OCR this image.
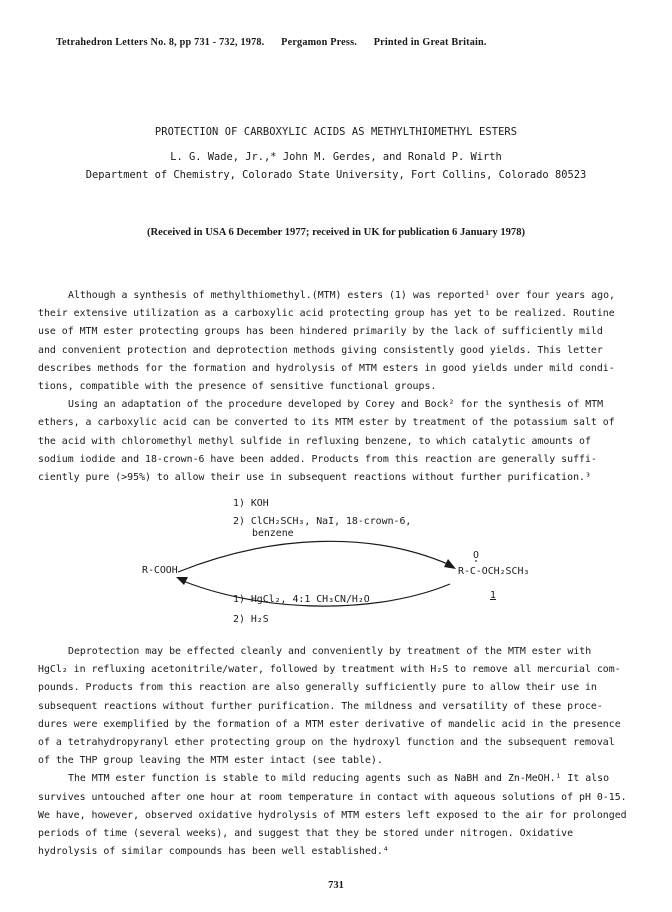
Tetrahedron Letters No. 8, pp 731 - 732, 1978. Pergamon Press. Printed in Great Britain.
PROTECTION OF CARBOXYLIC ACIDS AS METHYLTHIOMETHYL ESTERS
L. G. Wade, Jr.,* John M. Gerdes, and Ronald P. Wirth
Department of Chemistry, Colorado State University, Fort Collins, Colorado 80523
(Received in USA 6 December 1977; received in UK for publication 6 January 1978)
Although a synthesis of methylthiomethyl.(MTM) esters (1) was reported¹ over four years ago,
their extensive utilization as a carboxylic acid protecting group has yet to be realized. Routine
use of MTM ester protecting groups has been hindered primarily by the lack of sufficiently mild
and convenient protection and deprotection methods giving consistently good yields. This letter
describes methods for the formation and hydrolysis of MTM esters in good yields under mild condi-
tions, compatible with the presence of sensitive functional groups.
Using an adaptation of the procedure developed by Corey and Bock² for the synthesis of MTM
ethers, a carboxylic acid can be converted to its MTM ester by treatment of the potassium salt of
the acid with chloromethyl methyl sulfide in refluxing benzene, to which catalytic amounts of
sodium iodide and 18-crown-6 have been added. Products from this reaction are generally suffi-
ciently pure (>95%) to allow their use in subsequent reactions without further purification.³
1) KOH
2) ClCH₂SCH₃, NaI, 18-crown-6,
benzene
R-COOH
O
"
R-C-OCH₂SCH₃
1
1) HgCl₂, 4:1 CH₃CN/H₂O
2) H₂S
Deprotection may be effected cleanly and conveniently by treatment of the MTM ester with
HgCl₂ in refluxing acetonitrile/water, followed by treatment with H₂S to remove all mercurial com-
pounds. Products from this reaction are also generally sufficiently pure to allow their use in
subsequent reactions without further purification. The mildness and versatility of these proce-
dures were exemplified by the formation of a MTM ester derivative of mandelic acid in the presence
of a tetrahydropyranyl ether protecting group on the hydroxyl function and the subsequent removal
of the THP group leaving the MTM ester intact (see table).
The MTM ester function is stable to mild reducing agents such as NaBH and Zn-MeOH.¹ It also
survives untouched after one hour at room temperature in contact with aqueous solutions of pH 0-15.
We have, however, observed oxidative hydrolysis of MTM esters left exposed to the air for prolonged
periods of time (several weeks), and suggest that they be stored under nitrogen. Oxidative
hydrolysis of similar compounds has been well established.⁴
731
